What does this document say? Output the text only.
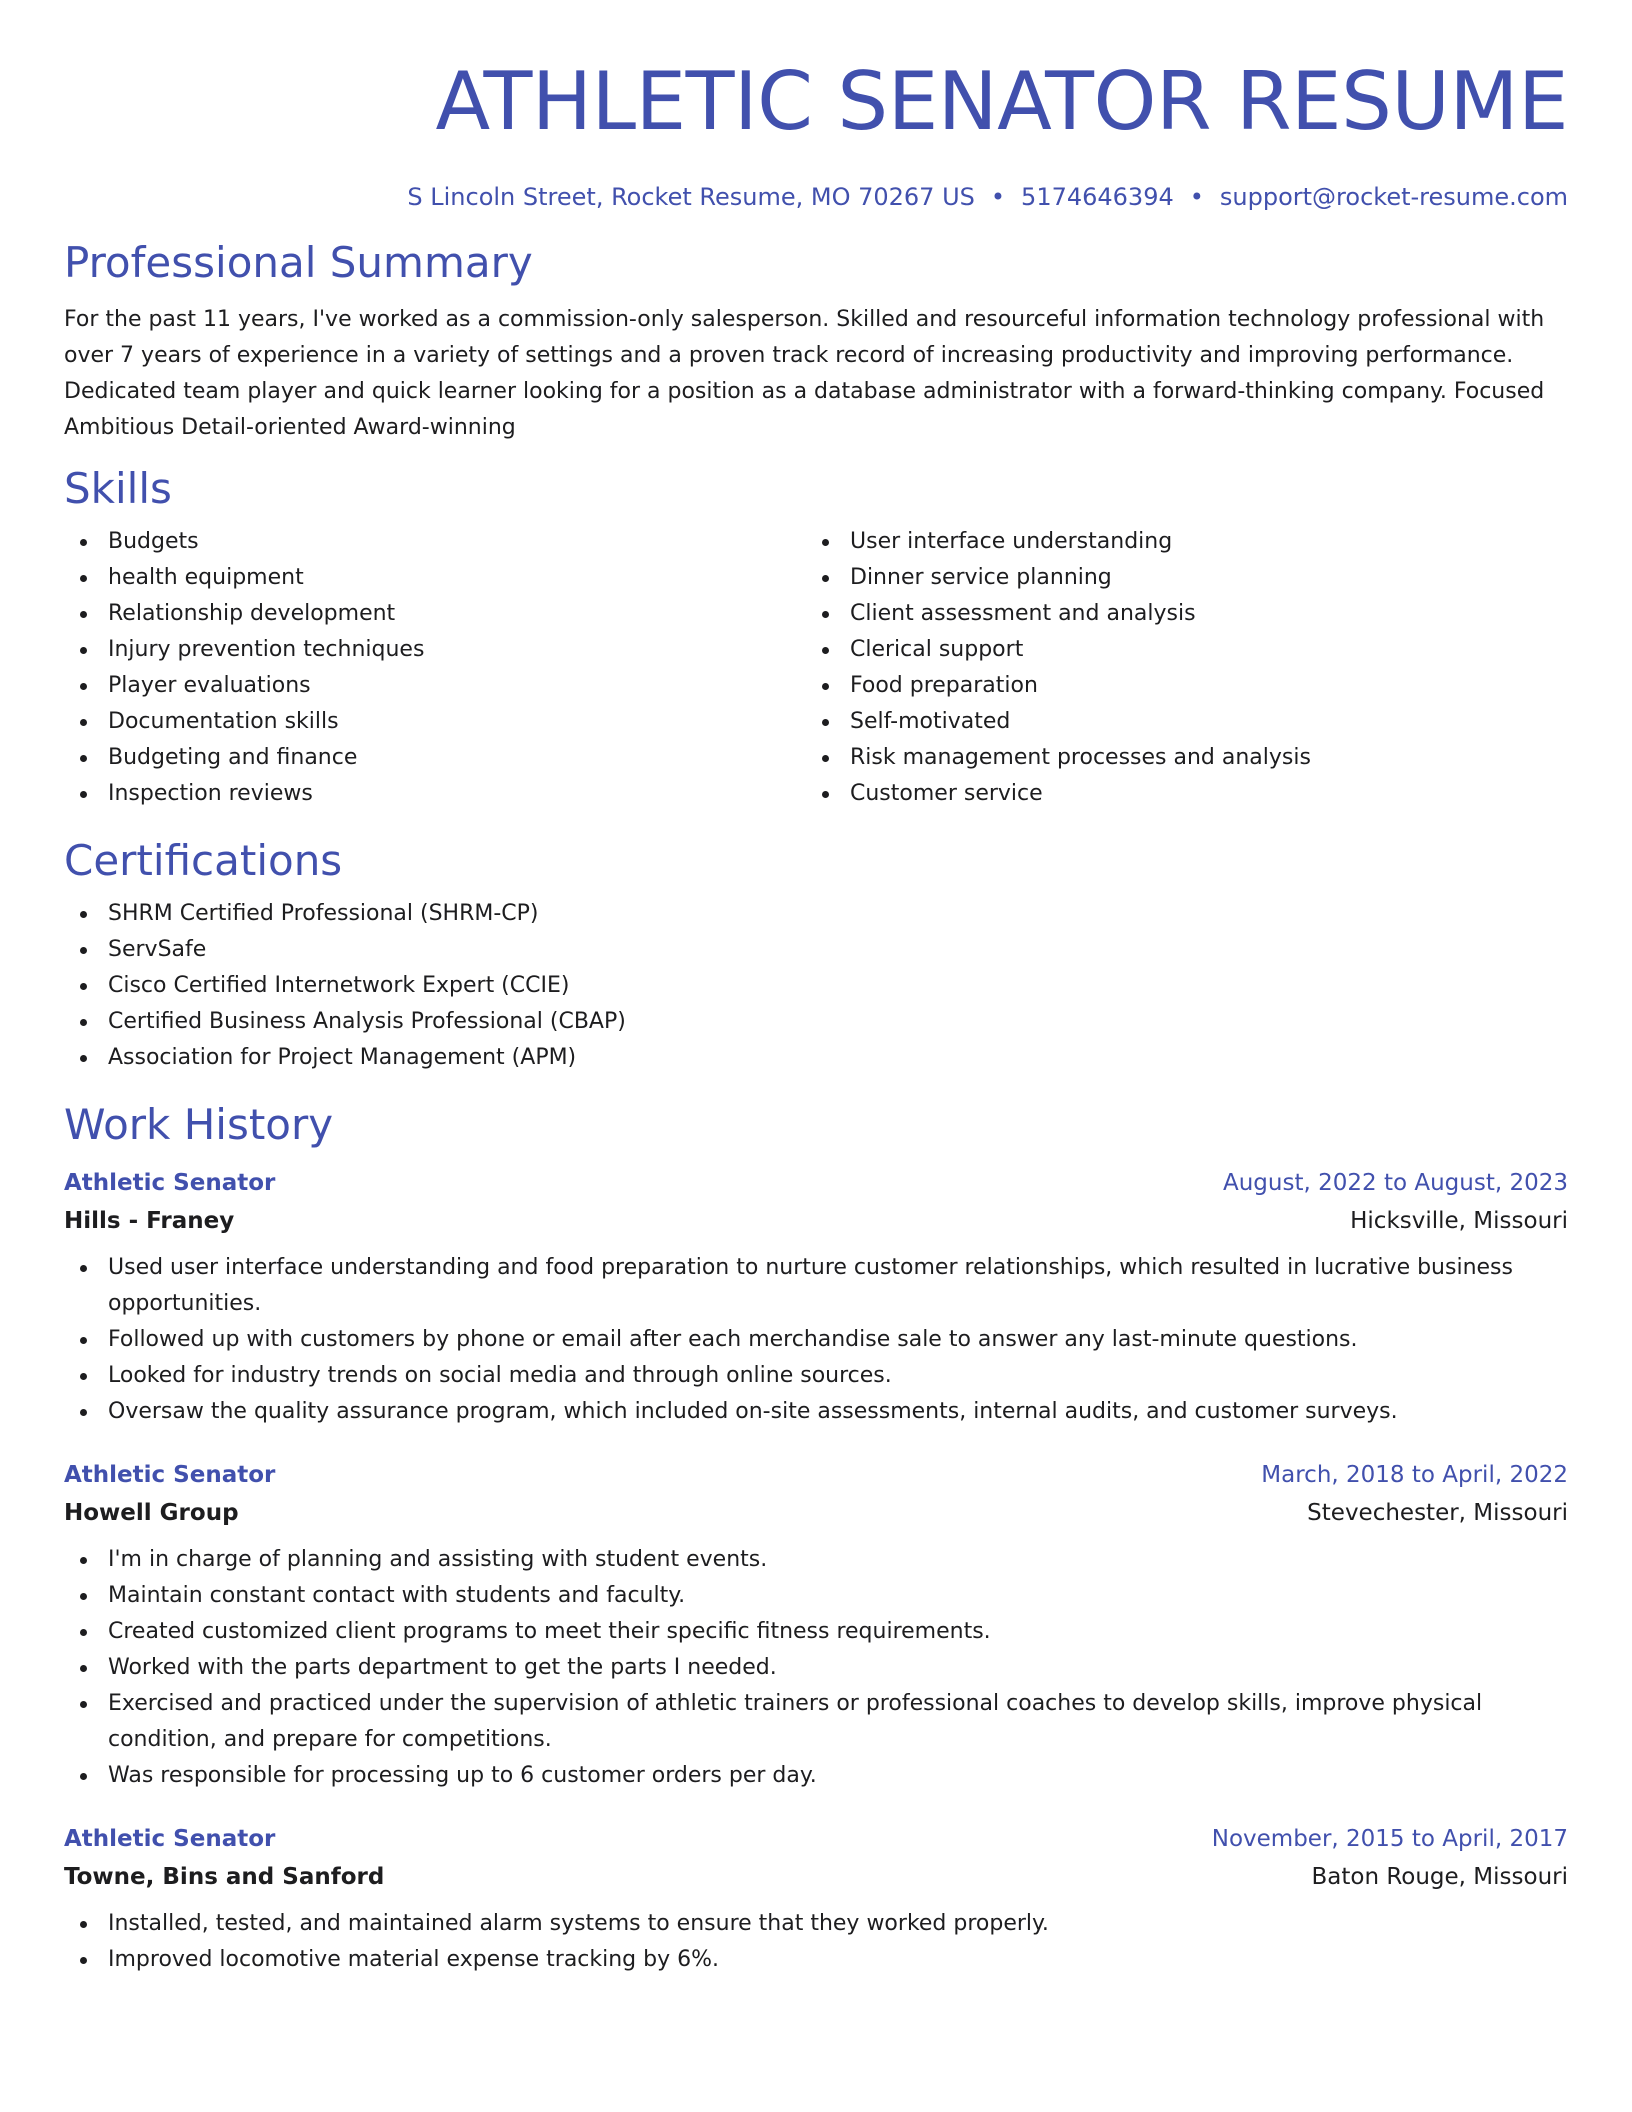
ATHLETIC SENATOR RESUME
S Lincoln Street, Rocket Resume, MO 70267 US • 5174646394 • support@rocket-resume.com
Professional Summary

For the past 11 years, I've worked as a commission-only salesperson. Skilled and resourceful information technology professional with over 7 years of experience in a variety of settings and a proven track record of increasing productivity and improving performance. Dedicated team player and quick learner looking for a position as a database administrator with a forward-thinking company. Focused Ambitious Detail-oriented Award-winning

Skills
Budgets
health equipment
Relationship development
Injury prevention techniques
Player evaluations
Documentation skills
Budgeting and finance
Inspection reviews
User interface understanding
Dinner service planning
Client assessment and analysis
Clerical support
Food preparation
Self-motivated
Risk management processes and analysis
Customer service
Certifications
SHRM Certified Professional (SHRM-CP)
ServSafe
Cisco Certified Internetwork Expert (CCIE)
Certified Business Analysis Professional (CBAP)
Association for Project Management (APM)
Work History
Athletic Senator	August, 2022 to August, 2023
Hills - Franey	Hicksville, Missouri
Used user interface understanding and food preparation to nurture customer relationships, which resulted in lucrative business opportunities.
Followed up with customers by phone or email after each merchandise sale to answer any last-minute questions.
Looked for industry trends on social media and through online sources.
Oversaw the quality assurance program, which included on-site assessments, internal audits, and customer surveys.
Athletic Senator	March, 2018 to April, 2022
Howell Group	Stevechester, Missouri
I'm in charge of planning and assisting with student events.
Maintain constant contact with students and faculty.
Created customized client programs to meet their specific fitness requirements.
Worked with the parts department to get the parts I needed.
Exercised and practiced under the supervision of athletic trainers or professional coaches to develop skills, improve physical condition, and prepare for competitions.
Was responsible for processing up to 6 customer orders per day.
Athletic Senator	November, 2015 to April, 2017
Towne, Bins and Sanford	Baton Rouge, Missouri
Installed, tested, and maintained alarm systems to ensure that they worked properly.
Improved locomotive material expense tracking by 6%.
